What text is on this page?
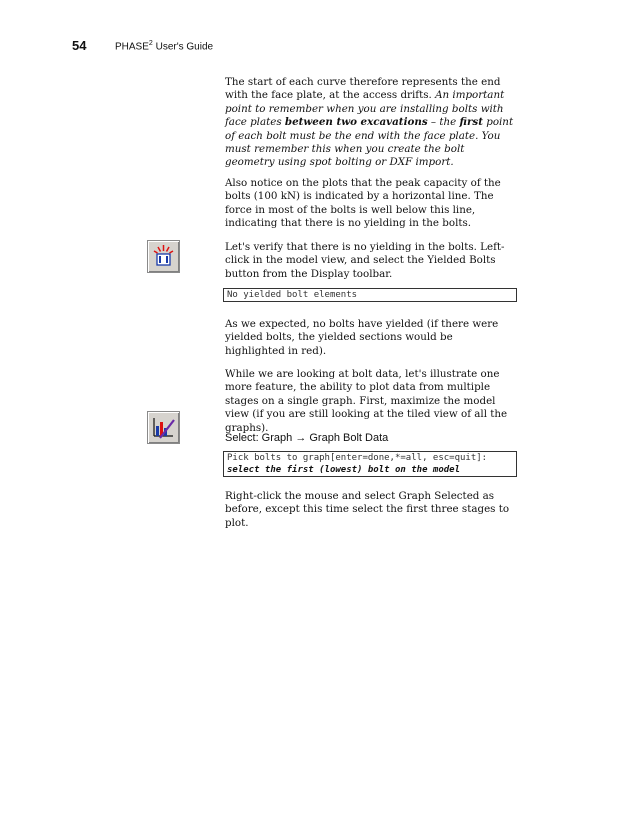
54	PHASE$^2$ User's Guide

The start of each curve therefore represents the end with the face plate, at the access drifts. An important point to remember when you are installing bolts with face plates between two excavations – the first point of each bolt must be the end with the face plate. You must remember this when you create the bolt geometry using spot bolting or DXF import.

Also notice on the plots that the peak capacity of the bolts (100 kN) is indicated by a horizontal line. The force in most of the bolts is well below this line, indicating that there is no yielding in the bolts.

Let's verify that there is no yielding in the bolts. Left-click in the model view, and select the Yielded Bolts button from the Display toolbar.

No yielded bolt elements

As we expected, no bolts have yielded (if there were yielded bolts, the yielded sections would be highlighted in red).

While we are looking at bolt data, let's illustrate one more feature, the ability to plot data from multiple stages on a single graph. First, maximize the model view (if you are still looking at the tiled view of all the graphs).

Select: Graph → Graph Bolt Data
Pick bolts to graph[enter=done,*=all, esc=quit]:
select the first (lowest) bolt on the model

Right-click the mouse and select Graph Selected as before, except this time select the first three stages to plot.
